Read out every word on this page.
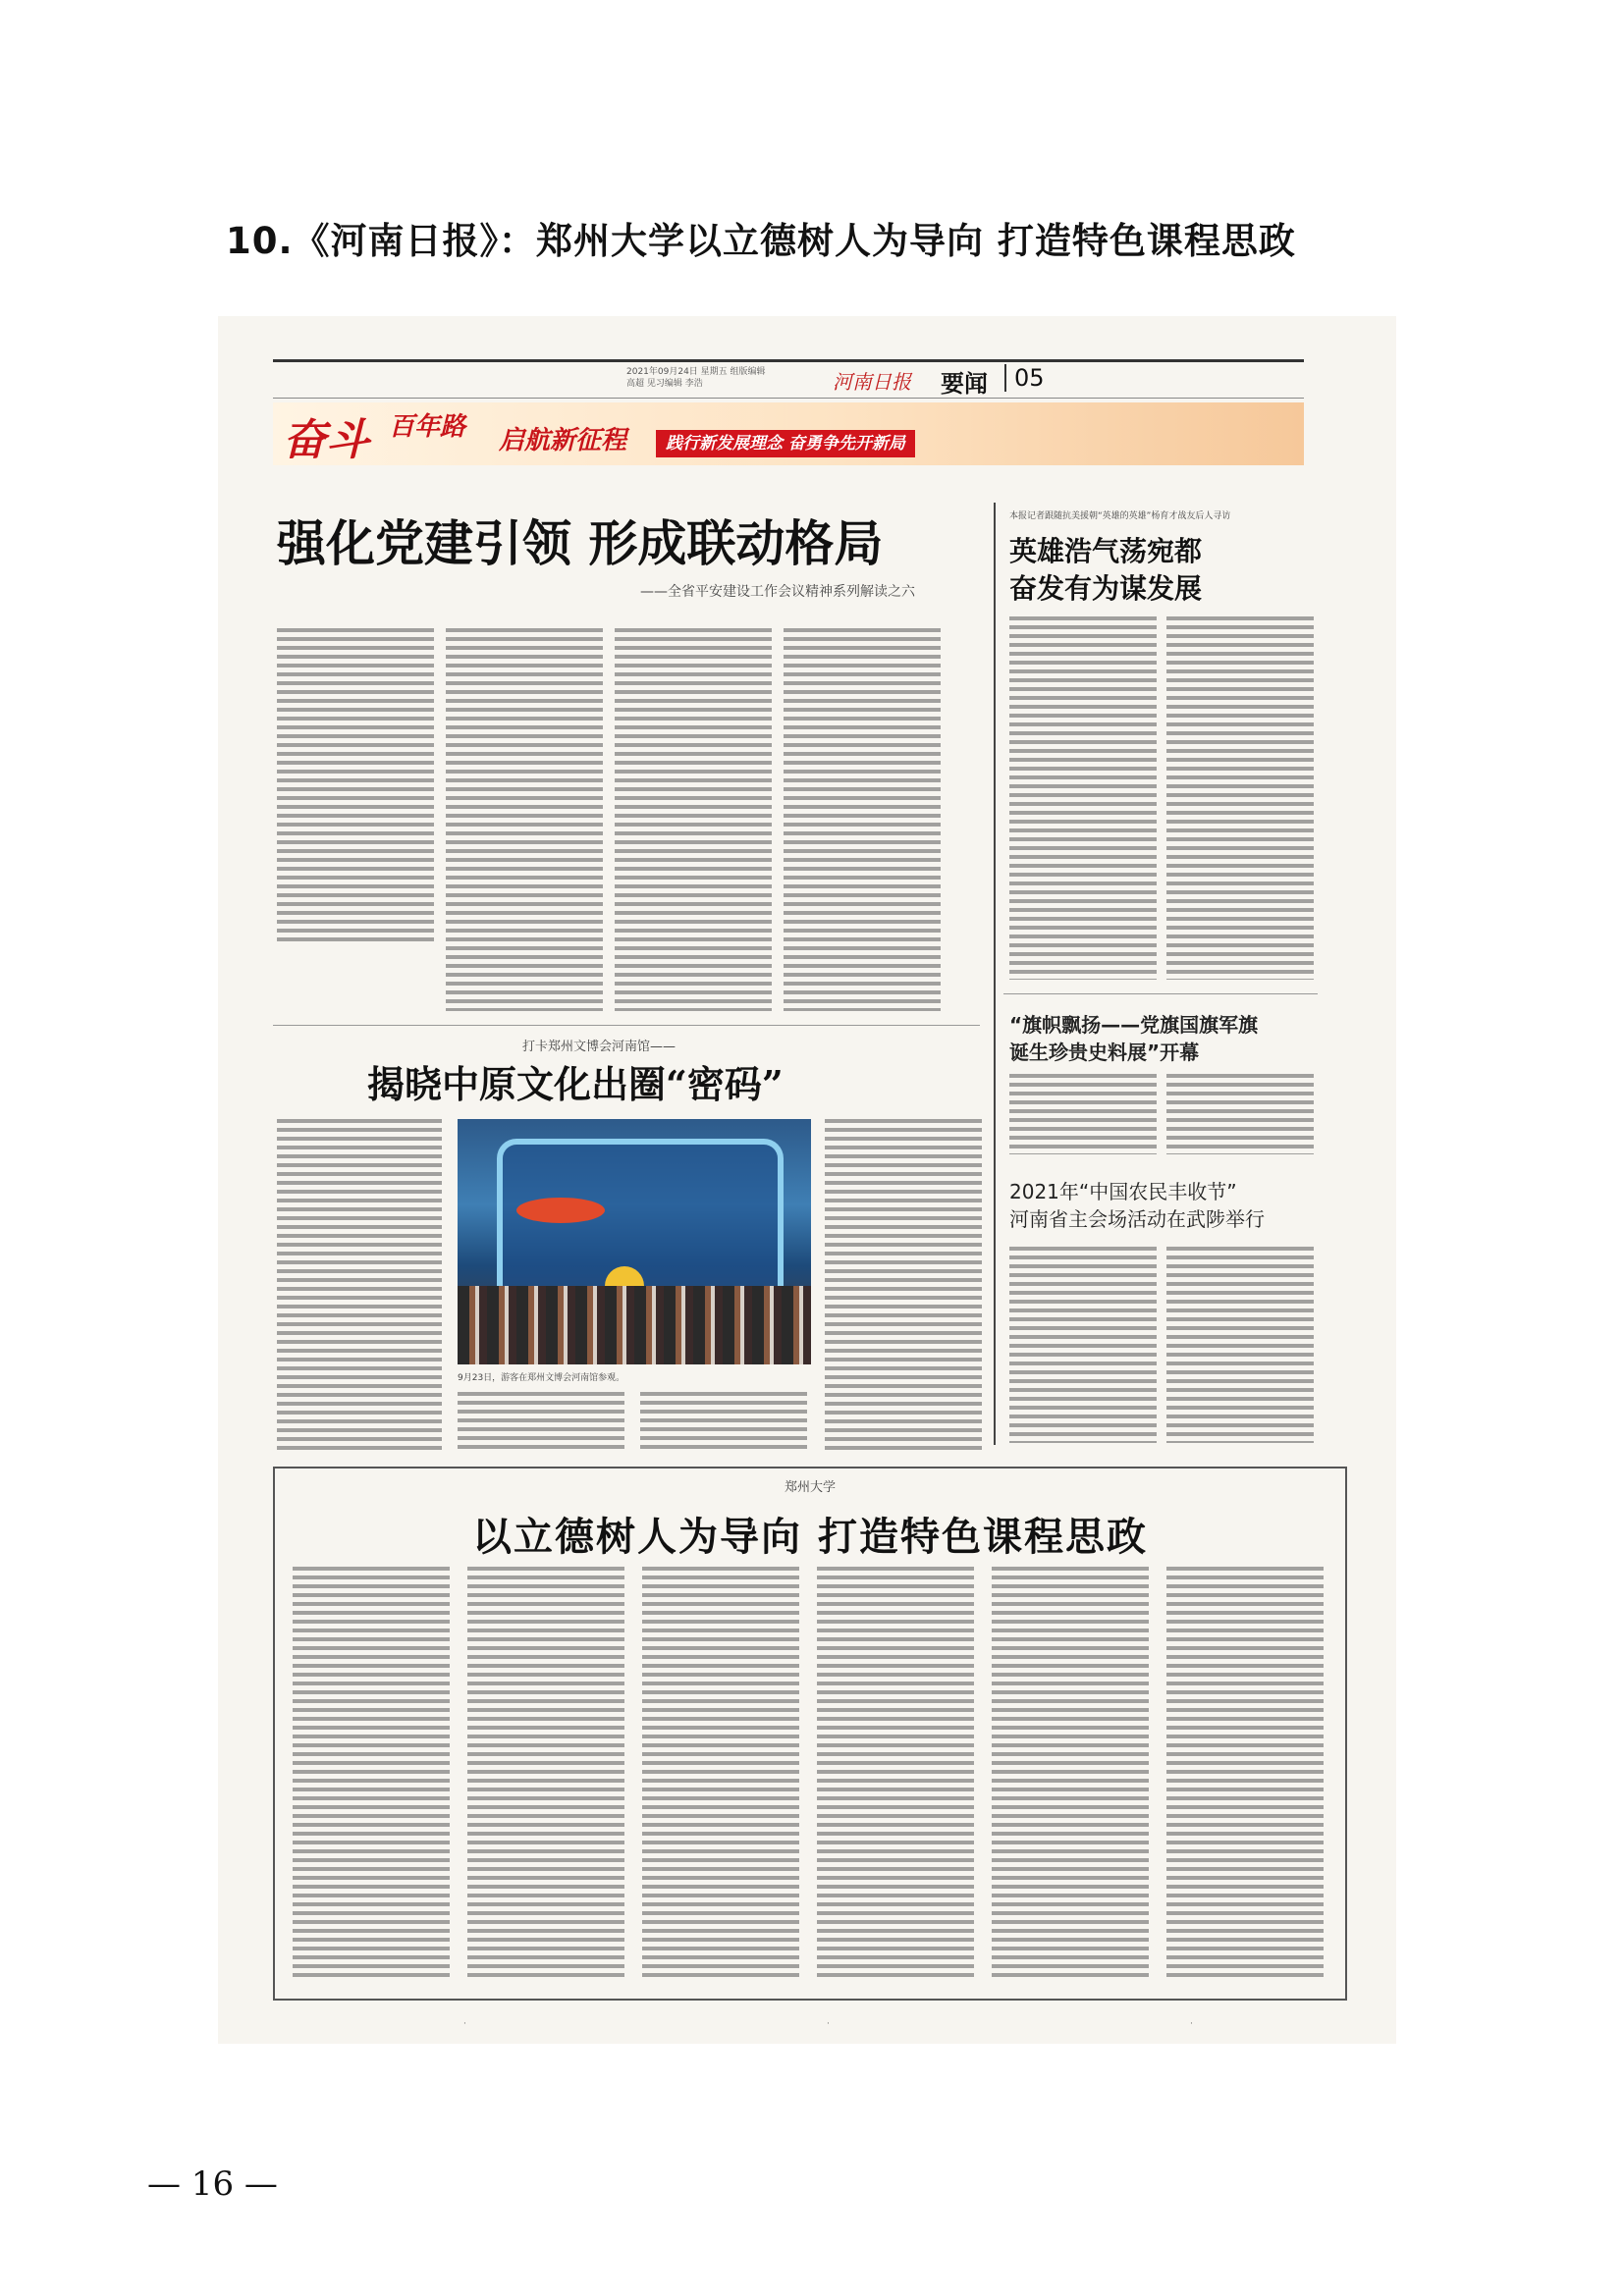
10.《河南日报》：郑州大学以立德树人为导向 打造特色课程思政
2021年09月24日 星期五 组版编辑 高超 见习编辑 李浩	河南日报 要闻	05
奋斗 百年路 启航新征程	践行新发展理念 奋勇争先开新局
强化党建引领 形成联动格局
——全省平安建设工作会议精神系列解读之六
打卡郑州文博会河南馆——
揭晓中原文化出圈“密码”
9月23日，游客在郑州文博会河南馆参观。
本报记者跟随抗美援朝“英雄的英雄”杨育才战友后人寻访
英雄浩气荡宛都
奋发有为谋发展
“旗帜飘扬——党旗国旗军旗
诞生珍贵史料展”开幕
2021年“中国农民丰收节”
河南省主会场活动在武陟举行
郑州大学
以立德树人为导向 打造特色课程思政
·	·	·
— 16 —
